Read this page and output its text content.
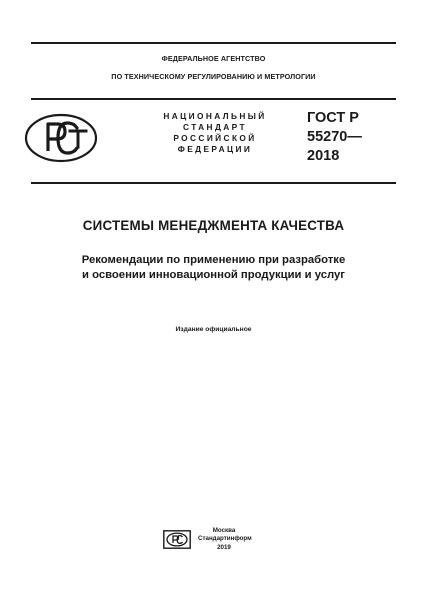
ФЕДЕРАЛЬНОЕ АГЕНТСТВО
ПО ТЕХНИЧЕСКОМУ РЕГУЛИРОВАНИЮ И МЕТРОЛОГИИ
НАЦИОНАЛЬНЫЙ
СТАНДАРТ
РОССИЙСКОЙ
ФЕДЕРАЦИИ
ГОСТ Р
55270—
2018
СИСТЕМЫ МЕНЕДЖМЕНТА КАЧЕСТВА
Рекомендации по применению при разработке
и освоении инновационной продукции и услуг
Издание официальное
Москва
Стандартинформ
2019
